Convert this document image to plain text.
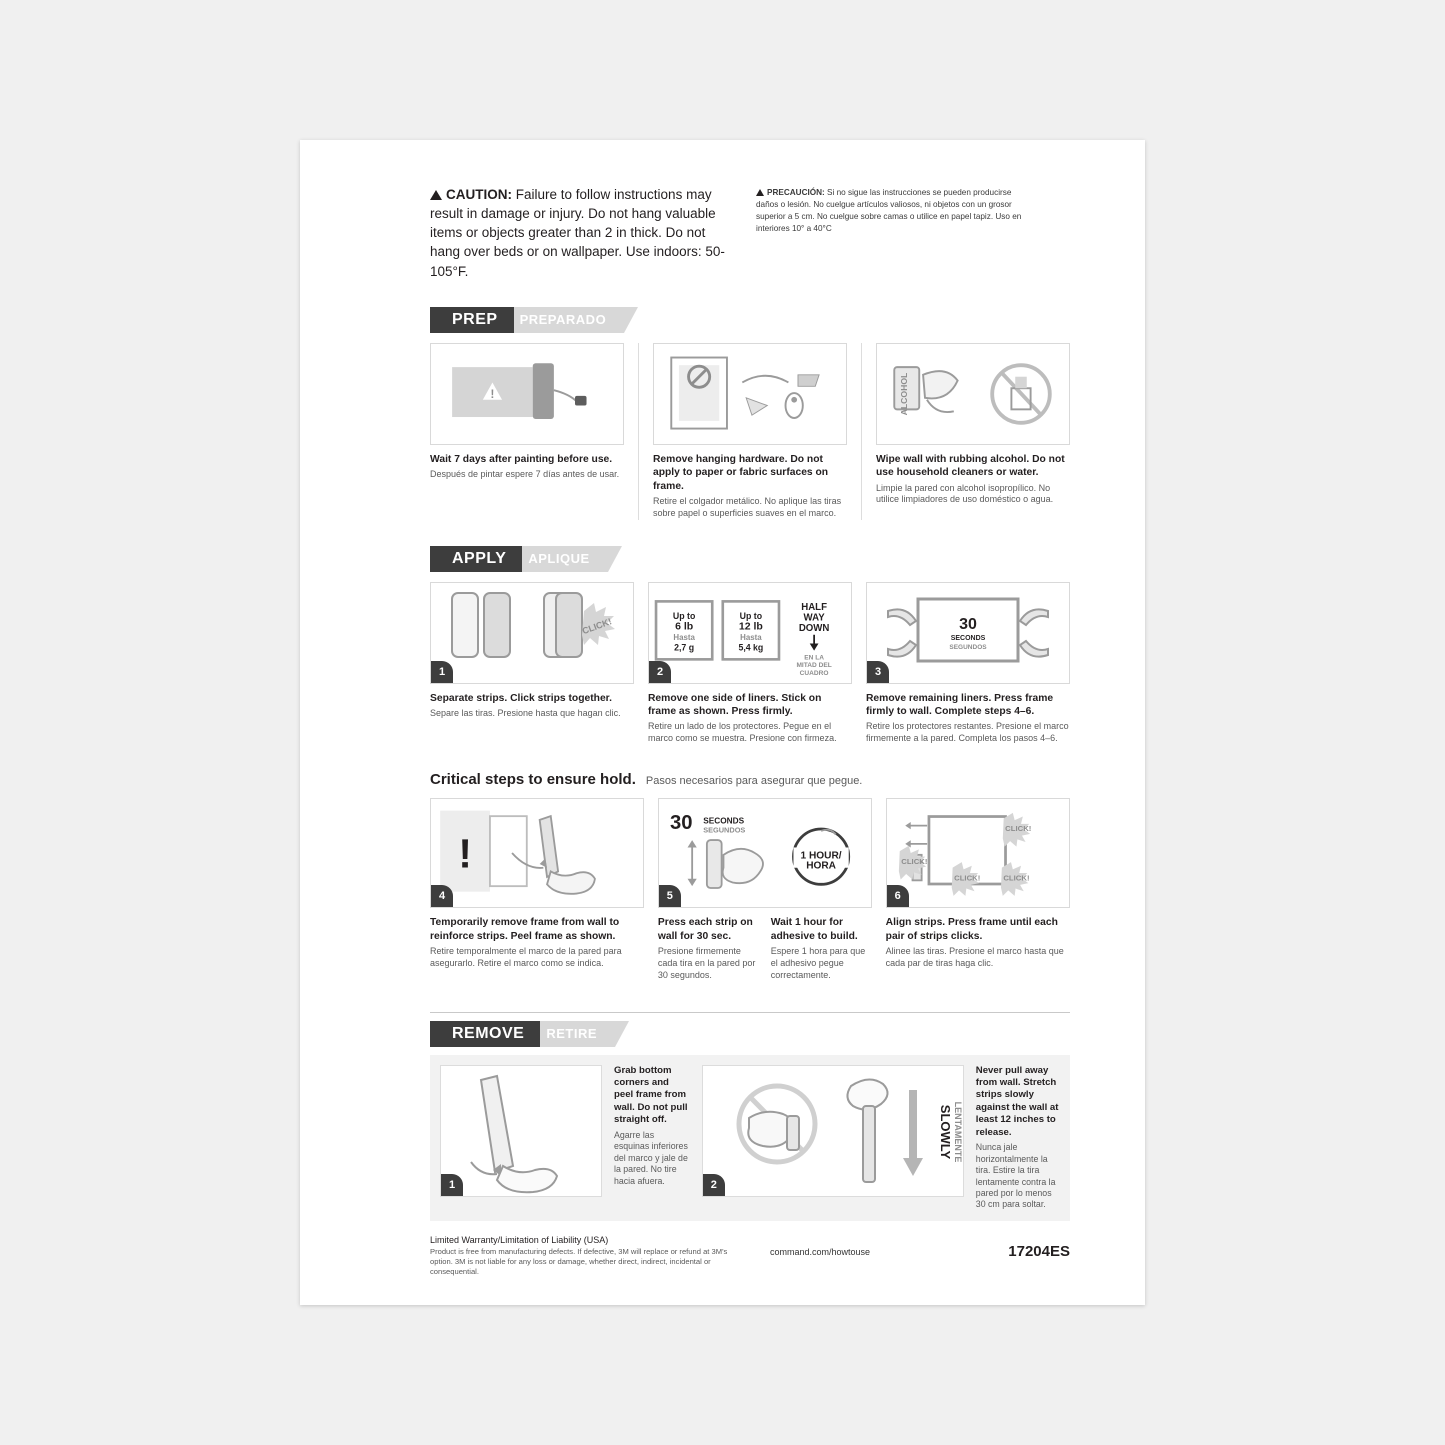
CAUTION: Failure to follow instructions may result in damage or injury. Do not hang valuable items or objects greater than 2 in thick. Do not hang over beds or on wallpaper. Use indoors: 50-105°F.
PRECAUCIÓN: Si no sigue las instrucciones se pueden producirse daños o lesión. No cuelgue artículos valiosos, ni objetos con un grosor superior a 5 cm. No cuelgue sobre camas o utilice en papel tapiz. Uso en interiores 10° a 40°C
PREP	PREPARADO
!
Wait 7 days after painting before use.
Después de pintar espere 7 días antes de usar.
Remove hanging hardware. Do not apply to paper or fabric surfaces on frame.
Retire el colgador metálico. No aplique las tiras sobre papel o superficies suaves en el marco.
ALCOHOL
Wipe wall with rubbing alcohol. Do not use household cleaners or water.
Limpie la pared con alcohol isopropílico. No utilice limpiadores de uso doméstico o agua.
APPLY	APLIQUE
CLICK!
1
Separate strips. Click strips together.
Separe las tiras. Presione hasta que hagan clic.
Up to
6 lb
Hasta
2,7 g
Up to
12 lb
Hasta
5,4 kg
HALF
WAY
DOWN
EN LA
MITAD DEL
CUADRO
2
Remove one side of liners. Stick on frame as shown. Press firmly.
Retire un lado de los protectores. Pegue en el marco como se muestra. Presione con firmeza.
30
SECONDS
SEGUNDOS
3
Remove remaining liners. Press frame firmly to wall. Complete steps 4–6.
Retire los protectores restantes. Presione el marco firmemente a la pared. Completa los pasos 4–6.
Critical steps to ensure hold. Pasos necesarios para asegurar que pegue.
!
4
Temporarily remove frame from wall to reinforce strips. Peel frame as shown.
Retire temporalmente el marco de la pared para asegurarlo. Retire el marco como se indica.
30 SECONDS
SEGUNDOS
1 HOUR/
HORA
5
Press each strip on wall for 30 sec.
Presione firmemente cada tira en la pared por 30 segundos.
Wait 1 hour for adhesive to build.
Espere 1 hora para que el adhesivo pegue correctamente.
CLICK!
CLICK!
CLICK!	CLICK!
6
Align strips. Press frame until each pair of strips clicks.
Alinee las tiras. Presione el marco hasta que cada par de tiras haga clic.
REMOVE	RETIRE
1
Grab bottom corners and peel frame from wall. Do not pull straight off.
Agarre las esquinas inferiores del marco y jale de la pared. No tire hacia afuera.
SLOWLY LENTAMENTE
2
Never pull away from wall. Stretch strips slowly against the wall at least 12 inches to release.
Nunca jale horizontalmente la tira. Estire la tira lentamente contra la pared por lo menos 30 cm para soltar.
Limited Warranty/Limitation of Liability (USA)
Product is free from manufacturing defects. If defective, 3M will replace or refund at 3M's option. 3M is not liable for any loss or damage, whether direct, indirect, incidental or consequential.
command.com/howtouse	17204ES
